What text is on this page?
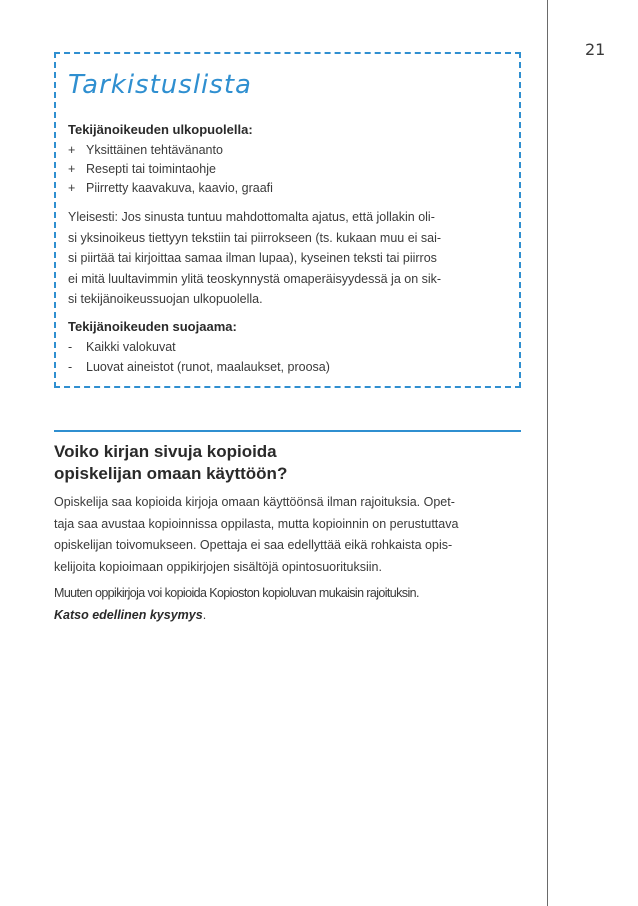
21
Tarkistuslista
Tekijänoikeuden ulkopuolella:
+ Yksittäinen tehtävänanto
+ Resepti tai toimintaohje
+ Piirretty kaavakuva, kaavio, graafi
Yleisesti: Jos sinusta tuntuu mahdottomalta ajatus, että jollakin oli-
si yksinoikeus tiettyyn tekstiin tai piirrokseen (ts. kukaan muu ei sai-
si piirtää tai kirjoittaa samaa ilman lupaa), kyseinen teksti tai piirros
ei mitä luultavimmin ylitä teoskynnystä omaperäisyydessä ja on sik-
si tekijänoikeussuojan ulkopuolella.
Tekijänoikeuden suojaama:
- Kaikki valokuvat
- Luovat aineistot (runot, maalaukset, proosa)
Voiko kirjan sivuja kopioida
opiskelijan omaan käyttöön?
Opiskelija saa kopioida kirjoja omaan käyttöönsä ilman rajoituksia. Opet-
taja saa avustaa kopioinnissa oppilasta, mutta kopioinnin on perustuttava
opiskelijan toivomukseen. Opettaja ei saa edellyttää eikä rohkaista opis-
kelijoita kopioimaan oppikirjojen sisältöjä opintosuorituksiin.
Muuten oppikirjoja voi kopioida Kopioston kopioluvan mukaisin rajoituksin.
Katso edellinen kysymys.
